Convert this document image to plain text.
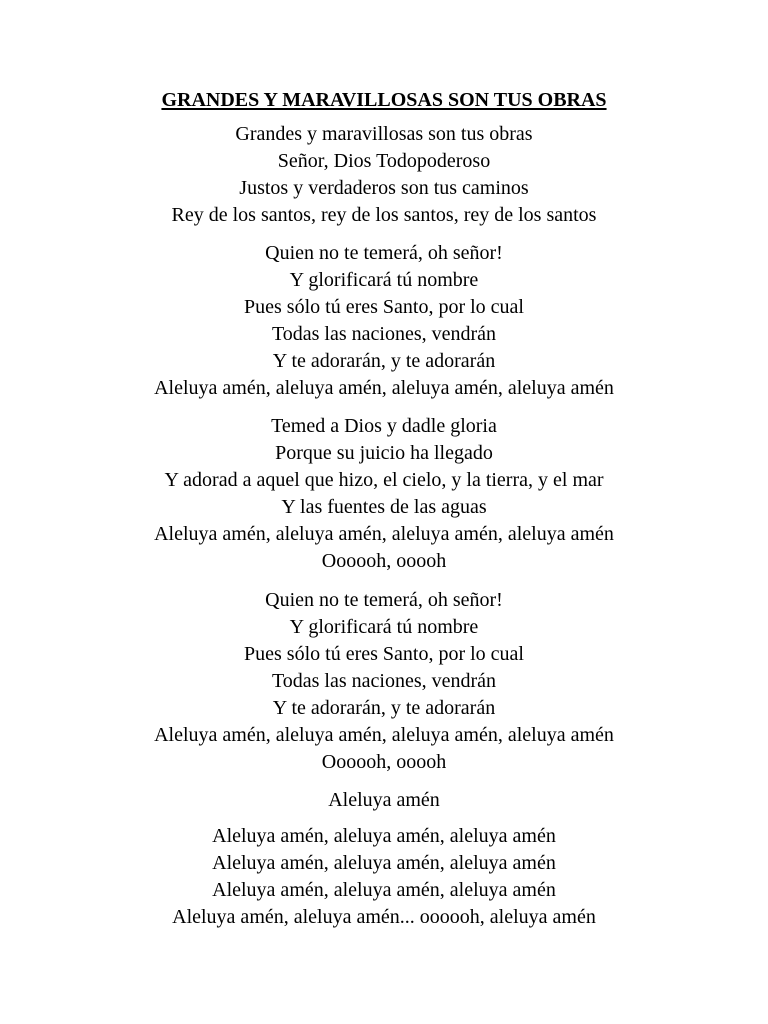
GRANDES Y MARAVILLOSAS SON TUS OBRAS
Grandes y maravillosas son tus obras
Señor, Dios Todopoderoso
Justos y verdaderos son tus caminos
Rey de los santos, rey de los santos, rey de los santos
Quien no te temerá, oh señor!
Y glorificará tú nombre
Pues sólo tú eres Santo, por lo cual
Todas las naciones, vendrán
Y te adorarán, y te adorarán
Aleluya amén, aleluya amén, aleluya amén, aleluya amén
Temed a Dios y dadle gloria
Porque su juicio ha llegado
Y adorad a aquel que hizo, el cielo, y la tierra, y el mar
Y las fuentes de las aguas
Aleluya amén, aleluya amén, aleluya amén, aleluya amén
Oooooh, ooooh
Quien no te temerá, oh señor!
Y glorificará tú nombre
Pues sólo tú eres Santo, por lo cual
Todas las naciones, vendrán
Y te adorarán, y te adorarán
Aleluya amén, aleluya amén, aleluya amén, aleluya amén
Oooooh, ooooh
Aleluya amén
Aleluya amén, aleluya amén, aleluya amén
Aleluya amén, aleluya amén, aleluya amén
Aleluya amén, aleluya amén, aleluya amén
Aleluya amén, aleluya amén... oooooh, aleluya amén
